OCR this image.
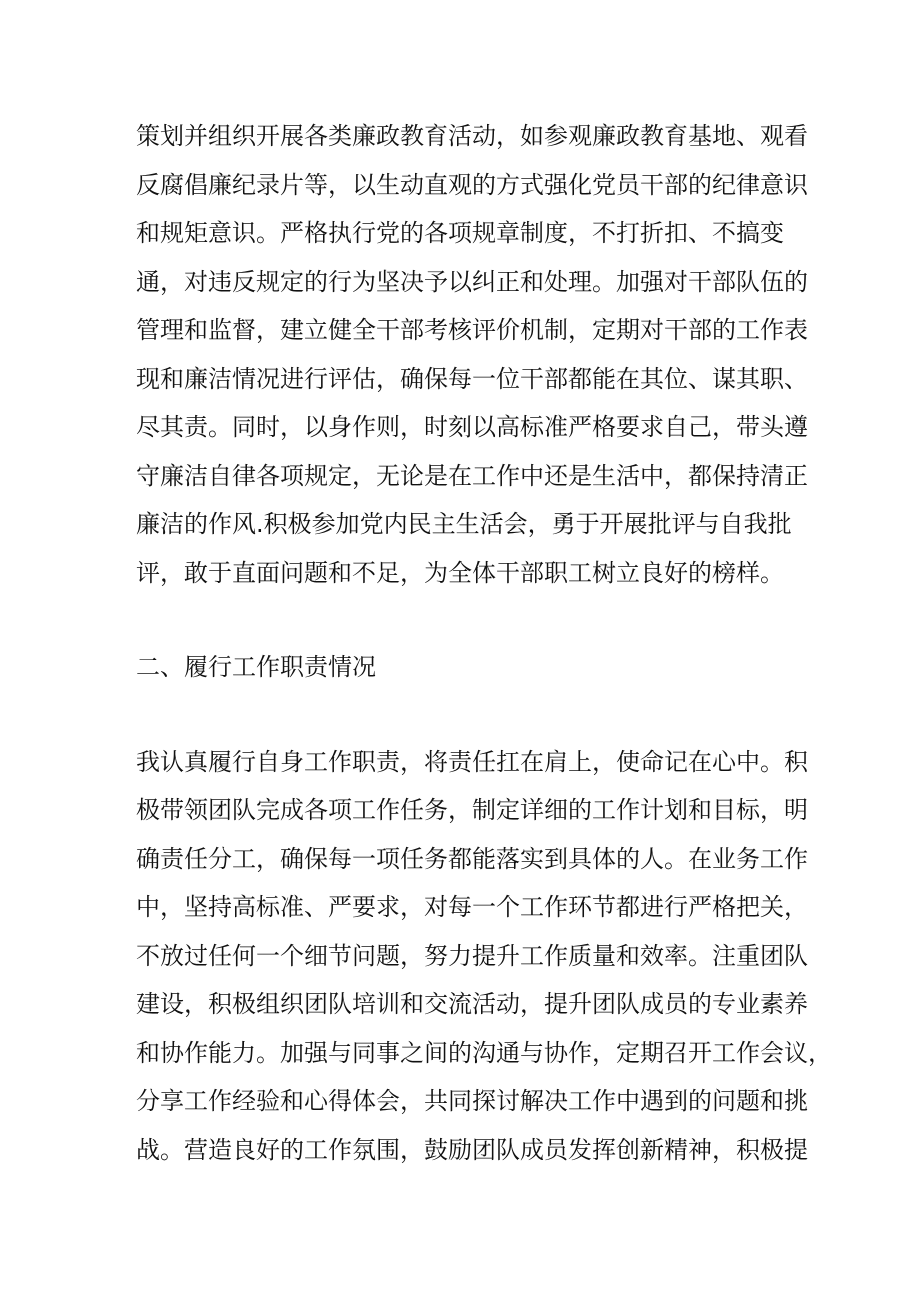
策划并组织开展各类廉政教育活动，如参观廉政教育基地、观看
反腐倡廉纪录片等，以生动直观的方式强化党员干部的纪律意识
和规矩意识。严格执行党的各项规章制度，不打折扣、不搞变
通，对违反规定的行为坚决予以纠正和处理。加强对干部队伍的
管理和监督，建立健全干部考核评价机制，定期对干部的工作表
现和廉洁情况进行评估，确保每一位干部都能在其位、谋其职、
尽其责。同时，以身作则，时刻以高标准严格要求自己，带头遵
守廉洁自律各项规定，无论是在工作中还是生活中，都保持清正
廉洁的作风.积极参加党内民主生活会，勇于开展批评与自我批
评，敢于直面问题和不足，为全体干部职工树立良好的榜样。
二、履行工作职责情况
我认真履行自身工作职责，将责任扛在肩上，使命记在心中。积
极带领团队完成各项工作任务，制定详细的工作计划和目标，明
确责任分工，确保每一项任务都能落实到具体的人。在业务工作
中，坚持高标准、严要求，对每一个工作环节都进行严格把关，
不放过任何一个细节问题，努力提升工作质量和效率。注重团队
建设，积极组织团队培训和交流活动，提升团队成员的专业素养
和协作能力。加强与同事之间的沟通与协作，定期召开工作会议，
分享工作经验和心得体会，共同探讨解决工作中遇到的问题和挑
战。营造良好的工作氛围，鼓励团队成员发挥创新精神，积极提
